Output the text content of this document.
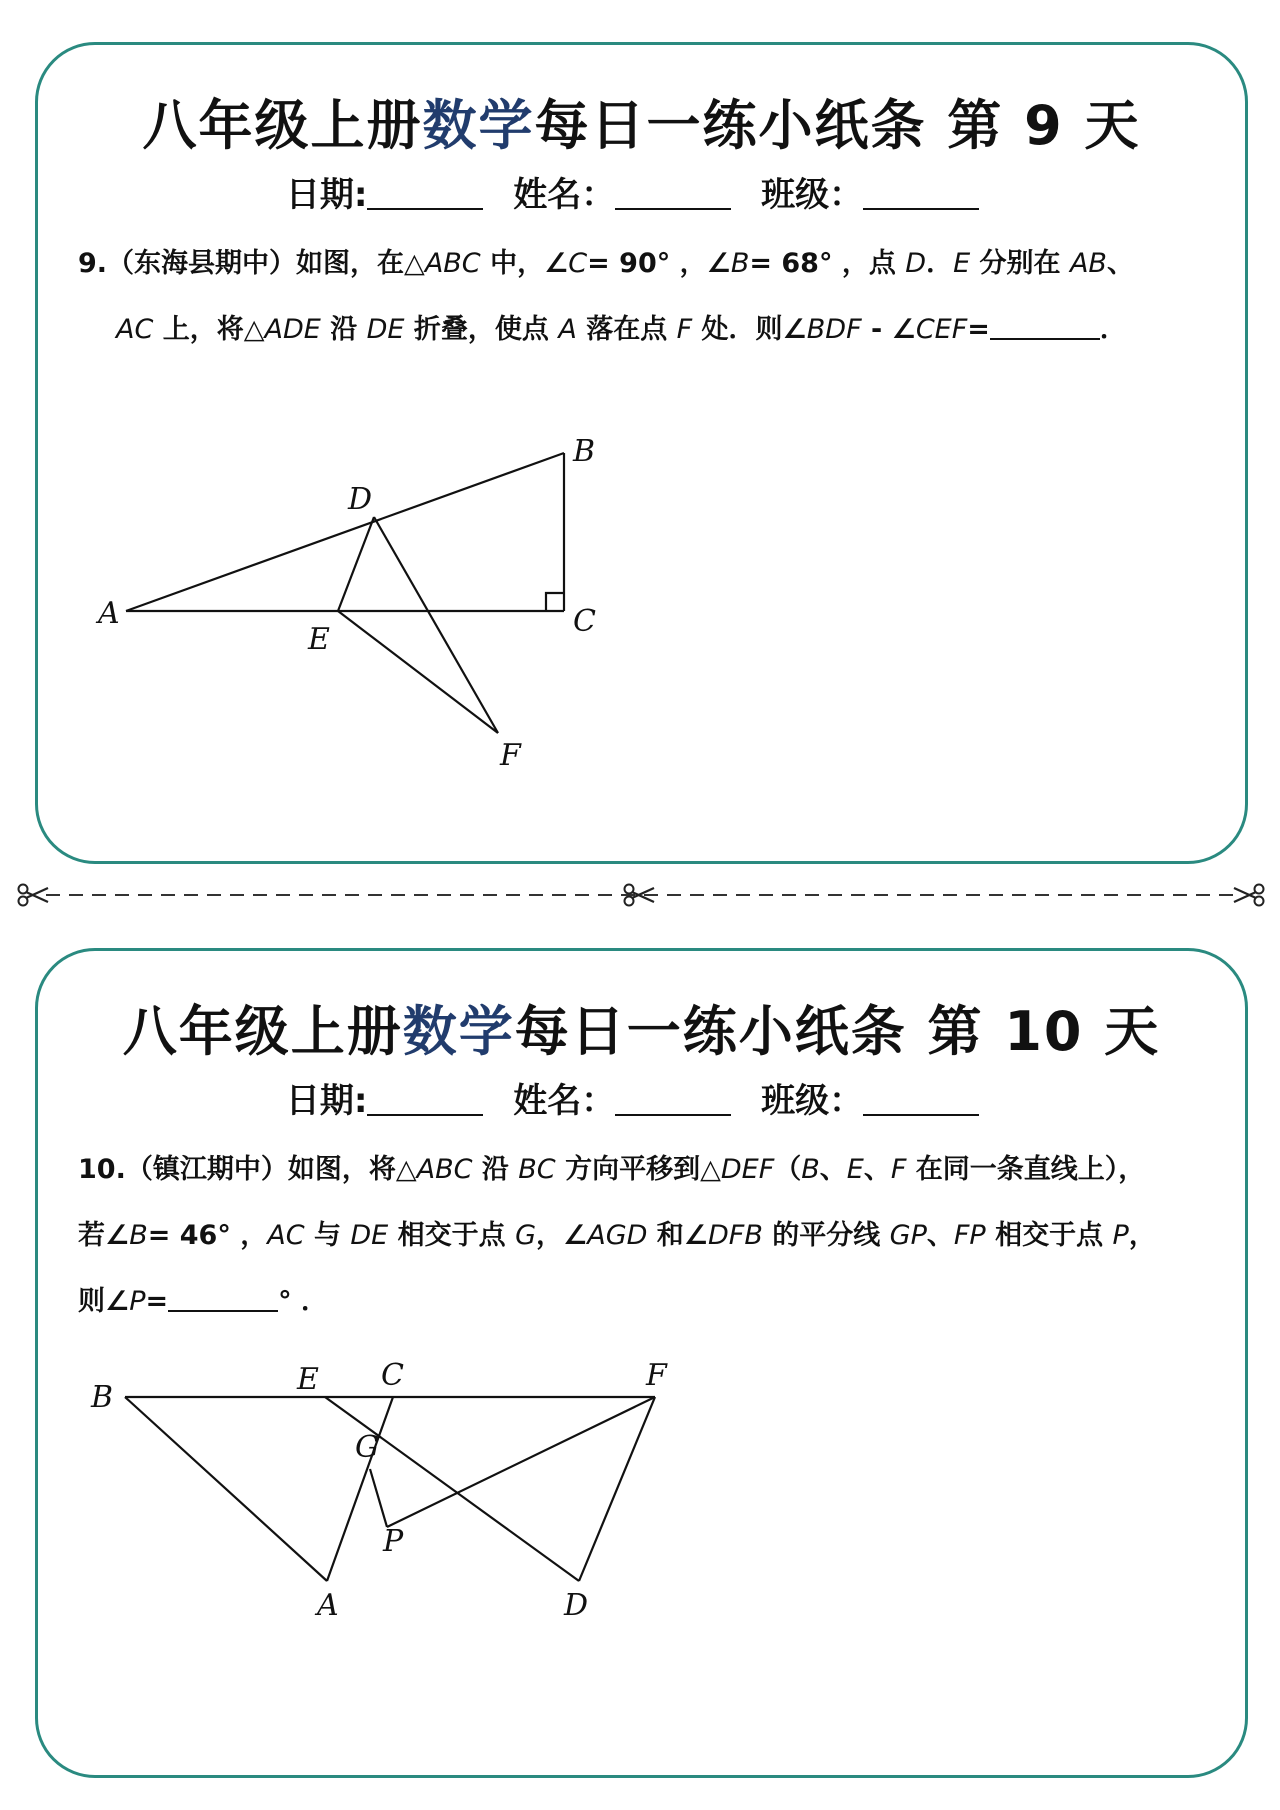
八年级上册数学每日一练小纸条 第 9 天
日期:	姓名：	班级：
9.（东海县期中）如图，在△ABC 中，∠C= 90° ，∠B= 68° ，点 D．E 分别在 AB、
AC 上，将△ADE 沿 DE 折叠，使点 A 落在点 F 处．则∠BDF - ∠CEF=	．
A
B
C
D
E
F
八年级上册数学每日一练小纸条 第 10 天
日期:	姓名：	班级：
10.（镇江期中）如图，将△ABC 沿 BC 方向平移到△DEF（B、E、F 在同一条直线上），
若∠B= 46° ，AC 与 DE 相交于点 G，∠AGD 和∠DFB 的平分线 GP、FP 相交于点 P，
则∠P=	° ．
B
E C	F
G
P
A	D
